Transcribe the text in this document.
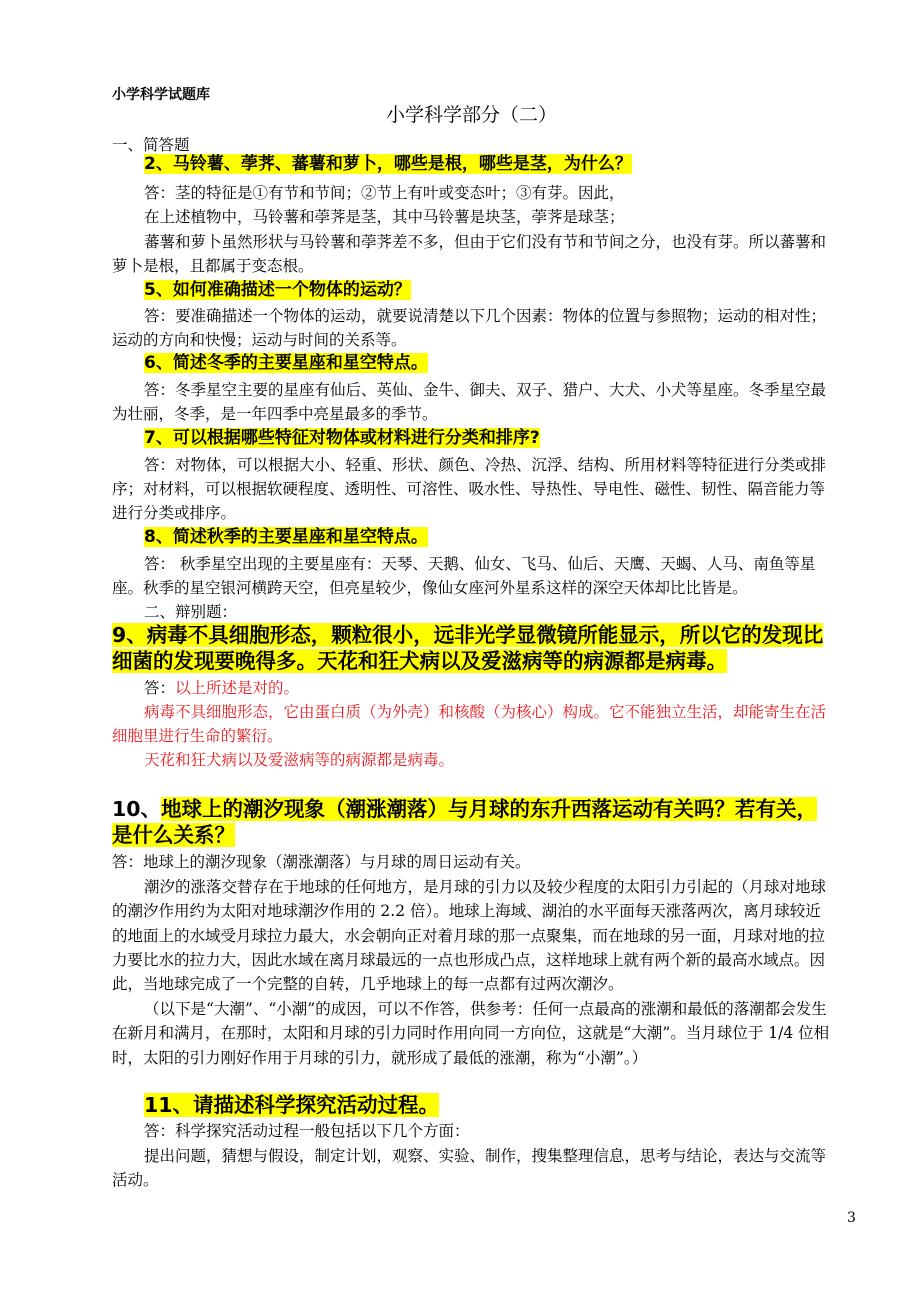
小学科学试题库
小学科学部分（二）
一、简答题
2、马铃薯、荸荠、蕃薯和萝卜，哪些是根，哪些是茎，为什么？
答：茎的特征是①有节和节间；②节上有叶或变态叶；③有芽。因此，
在上述植物中，马铃薯和荸荠是茎，其中马铃薯是块茎，荸荠是球茎；
蕃薯和萝卜虽然形状与马铃薯和荸荠差不多，但由于它们没有节和节间之分，也没有芽。所以蕃薯和
萝卜是根，且都属于变态根。
5、如何准确描述一个物体的运动？
答：要准确描述一个物体的运动，就要说清楚以下几个因素：物体的位置与参照物；运动的相对性；
运动的方向和快慢；运动与时间的关系等。
6、简述冬季的主要星座和星空特点。
答：冬季星空主要的星座有仙后、英仙、金牛、御夫、双子、猎户、大犬、小犬等星座。冬季星空最
为壮丽，冬季，是一年四季中亮星最多的季节。
7、可以根据哪些特征对物体或材料进行分类和排序?
答：对物体，可以根据大小、轻重、形状、颜色、冷热、沉浮、结构、所用材料等特征进行分类或排
序；对材料，可以根据软硬程度、透明性、可溶性、吸水性、导热性、导电性、磁性、韧性、隔音能力等
进行分类或排序。
8、简述秋季的主要星座和星空特点。
答： 秋季星空出现的主要星座有：天琴、天鹅、仙女、飞马、仙后、天鹰、天蝎、人马、南鱼等星
座。秋季的星空银河横跨天空，但亮星较少，像仙女座河外星系这样的深空天体却比比皆是。
二、辩别题：
9、病毒不具细胞形态，颗粒很小，远非光学显微镜所能显示，所以它的发现比
细菌的发现要晚得多。天花和狂犬病以及爱滋病等的病源都是病毒。
答：以上所述是对的。
病毒不具细胞形态，它由蛋白质（为外壳）和核酸（为核心）构成。它不能独立生活，却能寄生在活
细胞里进行生命的繁衍。
天花和狂犬病以及爱滋病等的病源都是病毒。
10、地球上的潮汐现象（潮涨潮落）与月球的东升西落运动有关吗？若有关，
是什么关系？
答：地球上的潮汐现象（潮涨潮落）与月球的周日运动有关。
潮汐的涨落交替存在于地球的任何地方，是月球的引力以及较少程度的太阳引力引起的（月球对地球
的潮汐作用约为太阳对地球潮汐作用的 2.2 倍）。地球上海域、湖泊的水平面每天涨落两次，离月球较近
的地面上的水域受月球拉力最大，水会朝向正对着月球的那一点聚集，而在地球的另一面，月球对地的拉
力要比水的拉力大，因此水域在离月球最远的一点也形成凸点，这样地球上就有两个新的最高水域点。因
此，当地球完成了一个完整的自转，几乎地球上的每一点都有过两次潮汐。
（以下是“大潮”、“小潮”的成因，可以不作答，供参考：任何一点最高的涨潮和最低的落潮都会发生
在新月和满月，在那时，太阳和月球的引力同时作用向同一方向位，这就是“大潮”。当月球位于 1/4 位相
时，太阳的引力刚好作用于月球的引力，就形成了最低的涨潮，称为“小潮”。）
11、请描述科学探究活动过程。
答：科学探究活动过程一般包括以下几个方面：
提出问题，猜想与假设，制定计划，观察、实验、制作，搜集整理信息，思考与结论，表达与交流等
活动。
3
